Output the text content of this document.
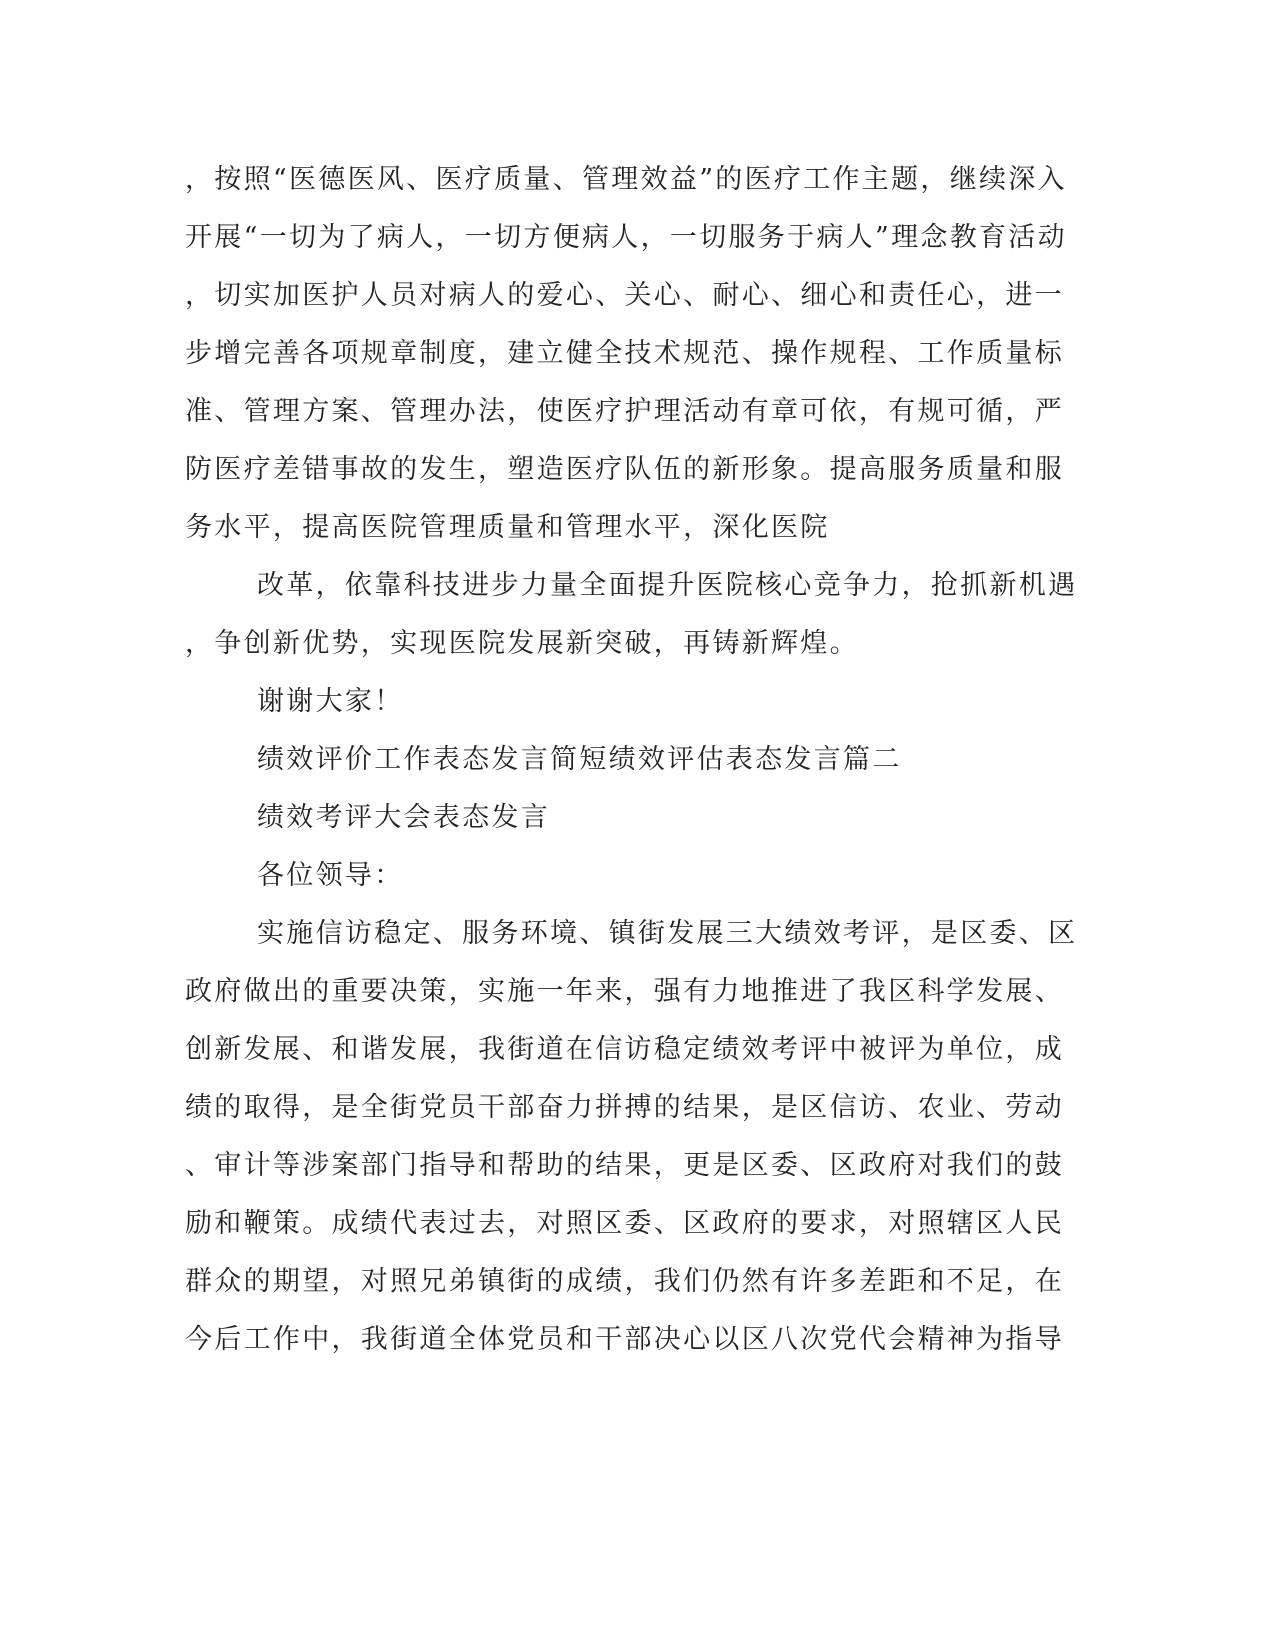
，按照“医德医风、医疗质量、管理效益”的医疗工作主题，继续深入

开展“一切为了病人，一切方便病人，一切服务于病人”理念教育活动

，切实加医护人员对病人的爱心、关心、耐心、细心和责任心，进一

步增完善各项规章制度，建立健全技术规范、操作规程、工作质量标

准、管理方案、管理办法，使医疗护理活动有章可依，有规可循，严

防医疗差错事故的发生，塑造医疗队伍的新形象。提高服务质量和服

务水平，提高医院管理质量和管理水平，深化医院

改革，依靠科技进步力量全面提升医院核心竞争力，抢抓新机遇

，争创新优势，实现医院发展新突破，再铸新辉煌。

谢谢大家！

绩效评价工作表态发言简短绩效评估表态发言篇二

绩效考评大会表态发言

各位领导：

实施信访稳定、服务环境、镇街发展三大绩效考评，是区委、区

政府做出的重要决策，实施一年来，强有力地推进了我区科学发展、

创新发展、和谐发展，我街道在信访稳定绩效考评中被评为单位，成

绩的取得，是全街党员干部奋力拼搏的结果，是区信访、农业、劳动

、审计等涉案部门指导和帮助的结果，更是区委、区政府对我们的鼓

励和鞭策。成绩代表过去，对照区委、区政府的要求，对照辖区人民

群众的期望，对照兄弟镇街的成绩，我们仍然有许多差距和不足，在

今后工作中，我街道全体党员和干部决心以区八次党代会精神为指导
